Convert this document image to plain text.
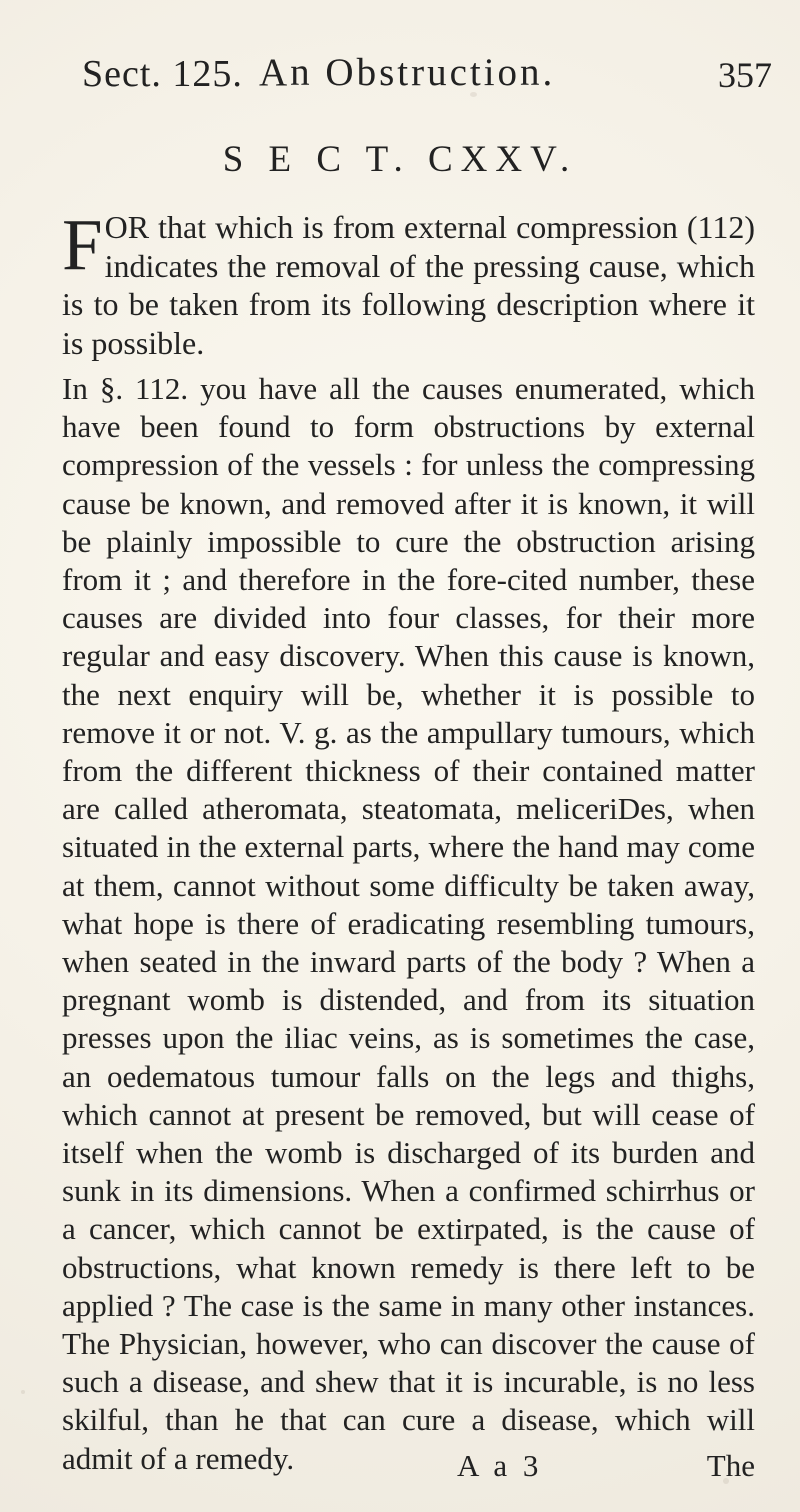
Sect. 125. An Obstruction.	357
S E C T. CXXV.

F OR that which is from external compression (112) indicates the removal of the pressing cause, which is to be taken from its following description where it is possible.

In §. 112. you have all the causes enumerated, which have been found to form obstructions by external compression of the vessels : for unless the compressing cause be known, and removed after it is known, it will be plainly impossible to cure the obstruction arising from it ; and therefore in the fore-cited number, these causes are divided into four classes, for their more regular and easy discovery. When this cause is known, the next enquiry will be, whether it is possible to remove it or not. V. g. as the ampullary tumours, which from the different thickness of their contained matter are called atheromata, steatomata, meliceriDes, when situated in the external parts, where the hand may come at them, cannot without some difficulty be taken away, what hope is there of eradicating resembling tumours, when seated in the inward parts of the body ? When a pregnant womb is distended, and from its situation presses upon the iliac veins, as is sometimes the case, an oedematous tumour falls on the legs and thighs, which cannot at present be removed, but will cease of itself when the womb is discharged of its burden and sunk in its dimensions. When a confirmed schirrhus or a cancer, which cannot be extirpated, is the cause of obstructions, what known remedy is there left to be applied ? The case is the same in many other instances. The Physician, however, who can discover the cause of such a disease, and shew that it is incurable, is no less skilful, than he that can cure a disease, which will admit of a remedy.	A a 3	The
